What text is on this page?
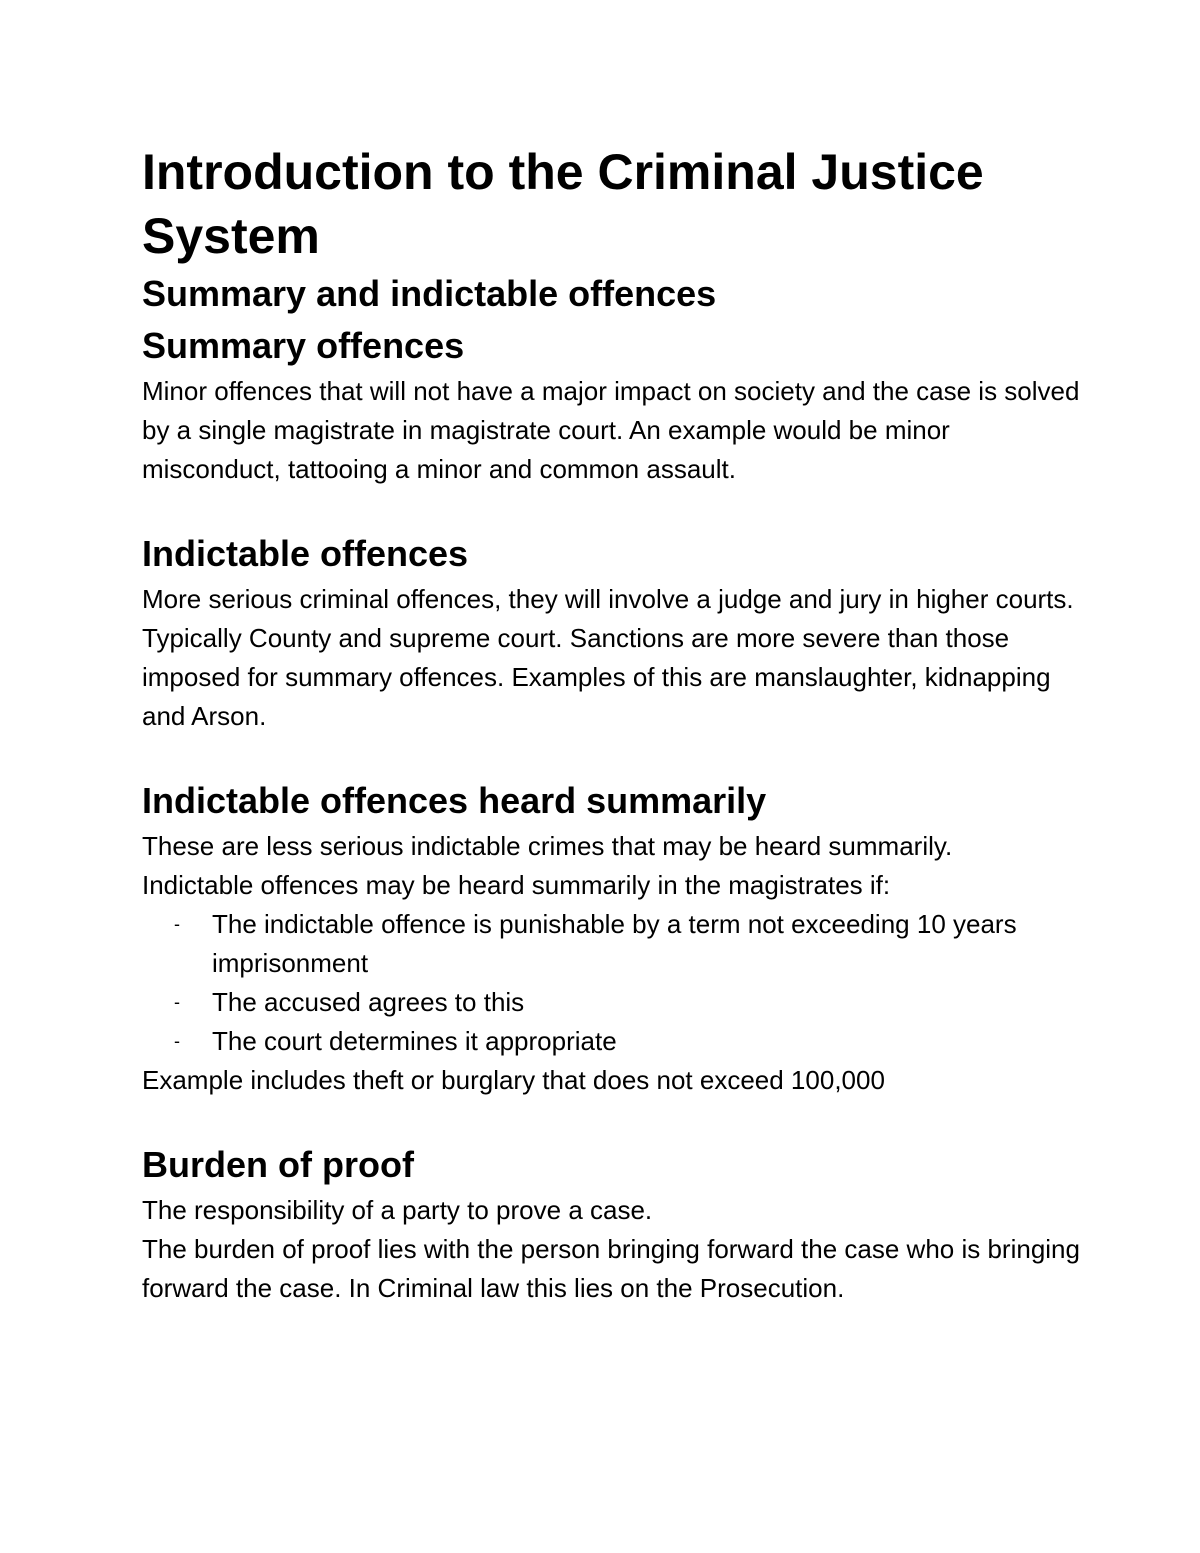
Introduction to the Criminal Justice System
Summary and indictable offences
Summary offences

Minor offences that will not have a major impact on society and the case is solved by a single magistrate in magistrate court. An example would be minor misconduct, tattooing a minor and common assault.

Indictable offences

More serious criminal offences, they will involve a judge and jury in higher courts. Typically County and supreme court. Sanctions are more severe than those imposed for summary offences. Examples of this are manslaughter, kidnapping and Arson.

Indictable offences heard summarily

These are less serious indictable crimes that may be heard summarily.

Indictable offences may be heard summarily in the magistrates if:

- The indictable offence is punishable by a term not exceeding 10 years imprisonment
- The accused agrees to this
- The court determines it appropriate

Example includes theft or burglary that does not exceed 100,000

Burden of proof

The responsibility of a party to prove a case.

The burden of proof lies with the person bringing forward the case who is bringing forward the case. In Criminal law this lies on the Prosecution.
